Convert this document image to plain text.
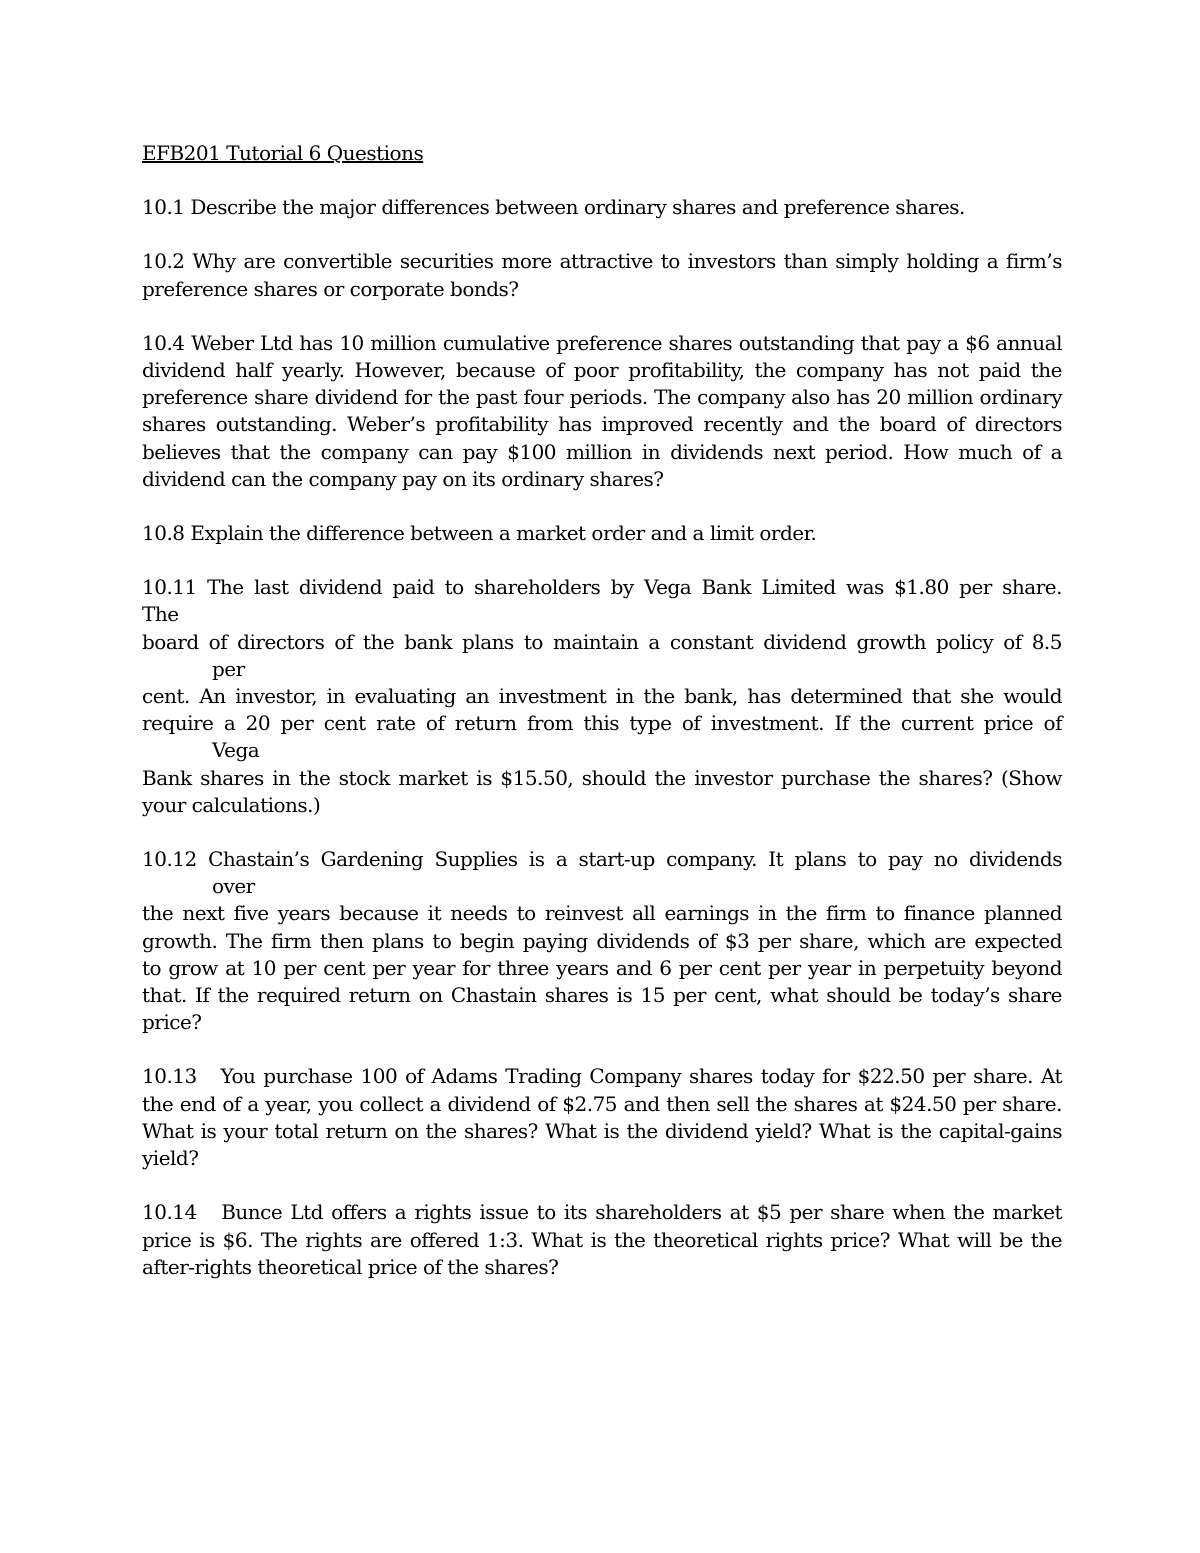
EFB201 Tutorial 6 Questions
10.1 Describe the major differences between ordinary shares and preference shares.
10.2 Why are convertible securities more attractive to investors than simply holding a firm’s preference shares or corporate bonds?
10.4 Weber Ltd has 10 million cumulative preference shares outstanding that pay a $6 annual dividend half yearly. However, because of poor profitability, the company has not paid the preference share dividend for the past four periods. The company also has 20 million ordinary shares outstanding. Weber’s profitability has improved recently and the board of directors believes that the company can pay $100 million in dividends next period. How much of a dividend can the company pay on its ordinary shares?
10.8 Explain the difference between a market order and a limit order.
10.11 The last dividend paid to shareholders by Vega Bank Limited was $1.80 per share.
The
board of directors of the bank plans to maintain a constant dividend growth policy of 8.5
per
cent. An investor, in evaluating an investment in the bank, has determined that she would
require a 20 per cent rate of return from this type of investment. If the current price of
Vega
Bank shares in the stock market is $15.50, should the investor purchase the shares? (Show
your calculations.)
10.12 Chastain’s Gardening Supplies is a start-up company. It plans to pay no dividends
over
the next five years because it needs to reinvest all earnings in the firm to finance planned
growth. The firm then plans to begin paying dividends of $3 per share, which are expected
to grow at 10 per cent per year for three years and 6 per cent per year in perpetuity beyond
that. If the required return on Chastain shares is 15 per cent, what should be today’s share
price?
10.13   You purchase 100 of Adams Trading Company shares today for $22.50 per share. At the end of a year, you collect a dividend of $2.75 and then sell the shares at $24.50 per share. What is your total return on the shares? What is the dividend yield? What is the capital-gains yield?
10.14   Bunce Ltd offers a rights issue to its shareholders at $5 per share when the market price is $6. The rights are offered 1:3. What is the theoretical rights price? What will be the after-rights theoretical price of the shares?
